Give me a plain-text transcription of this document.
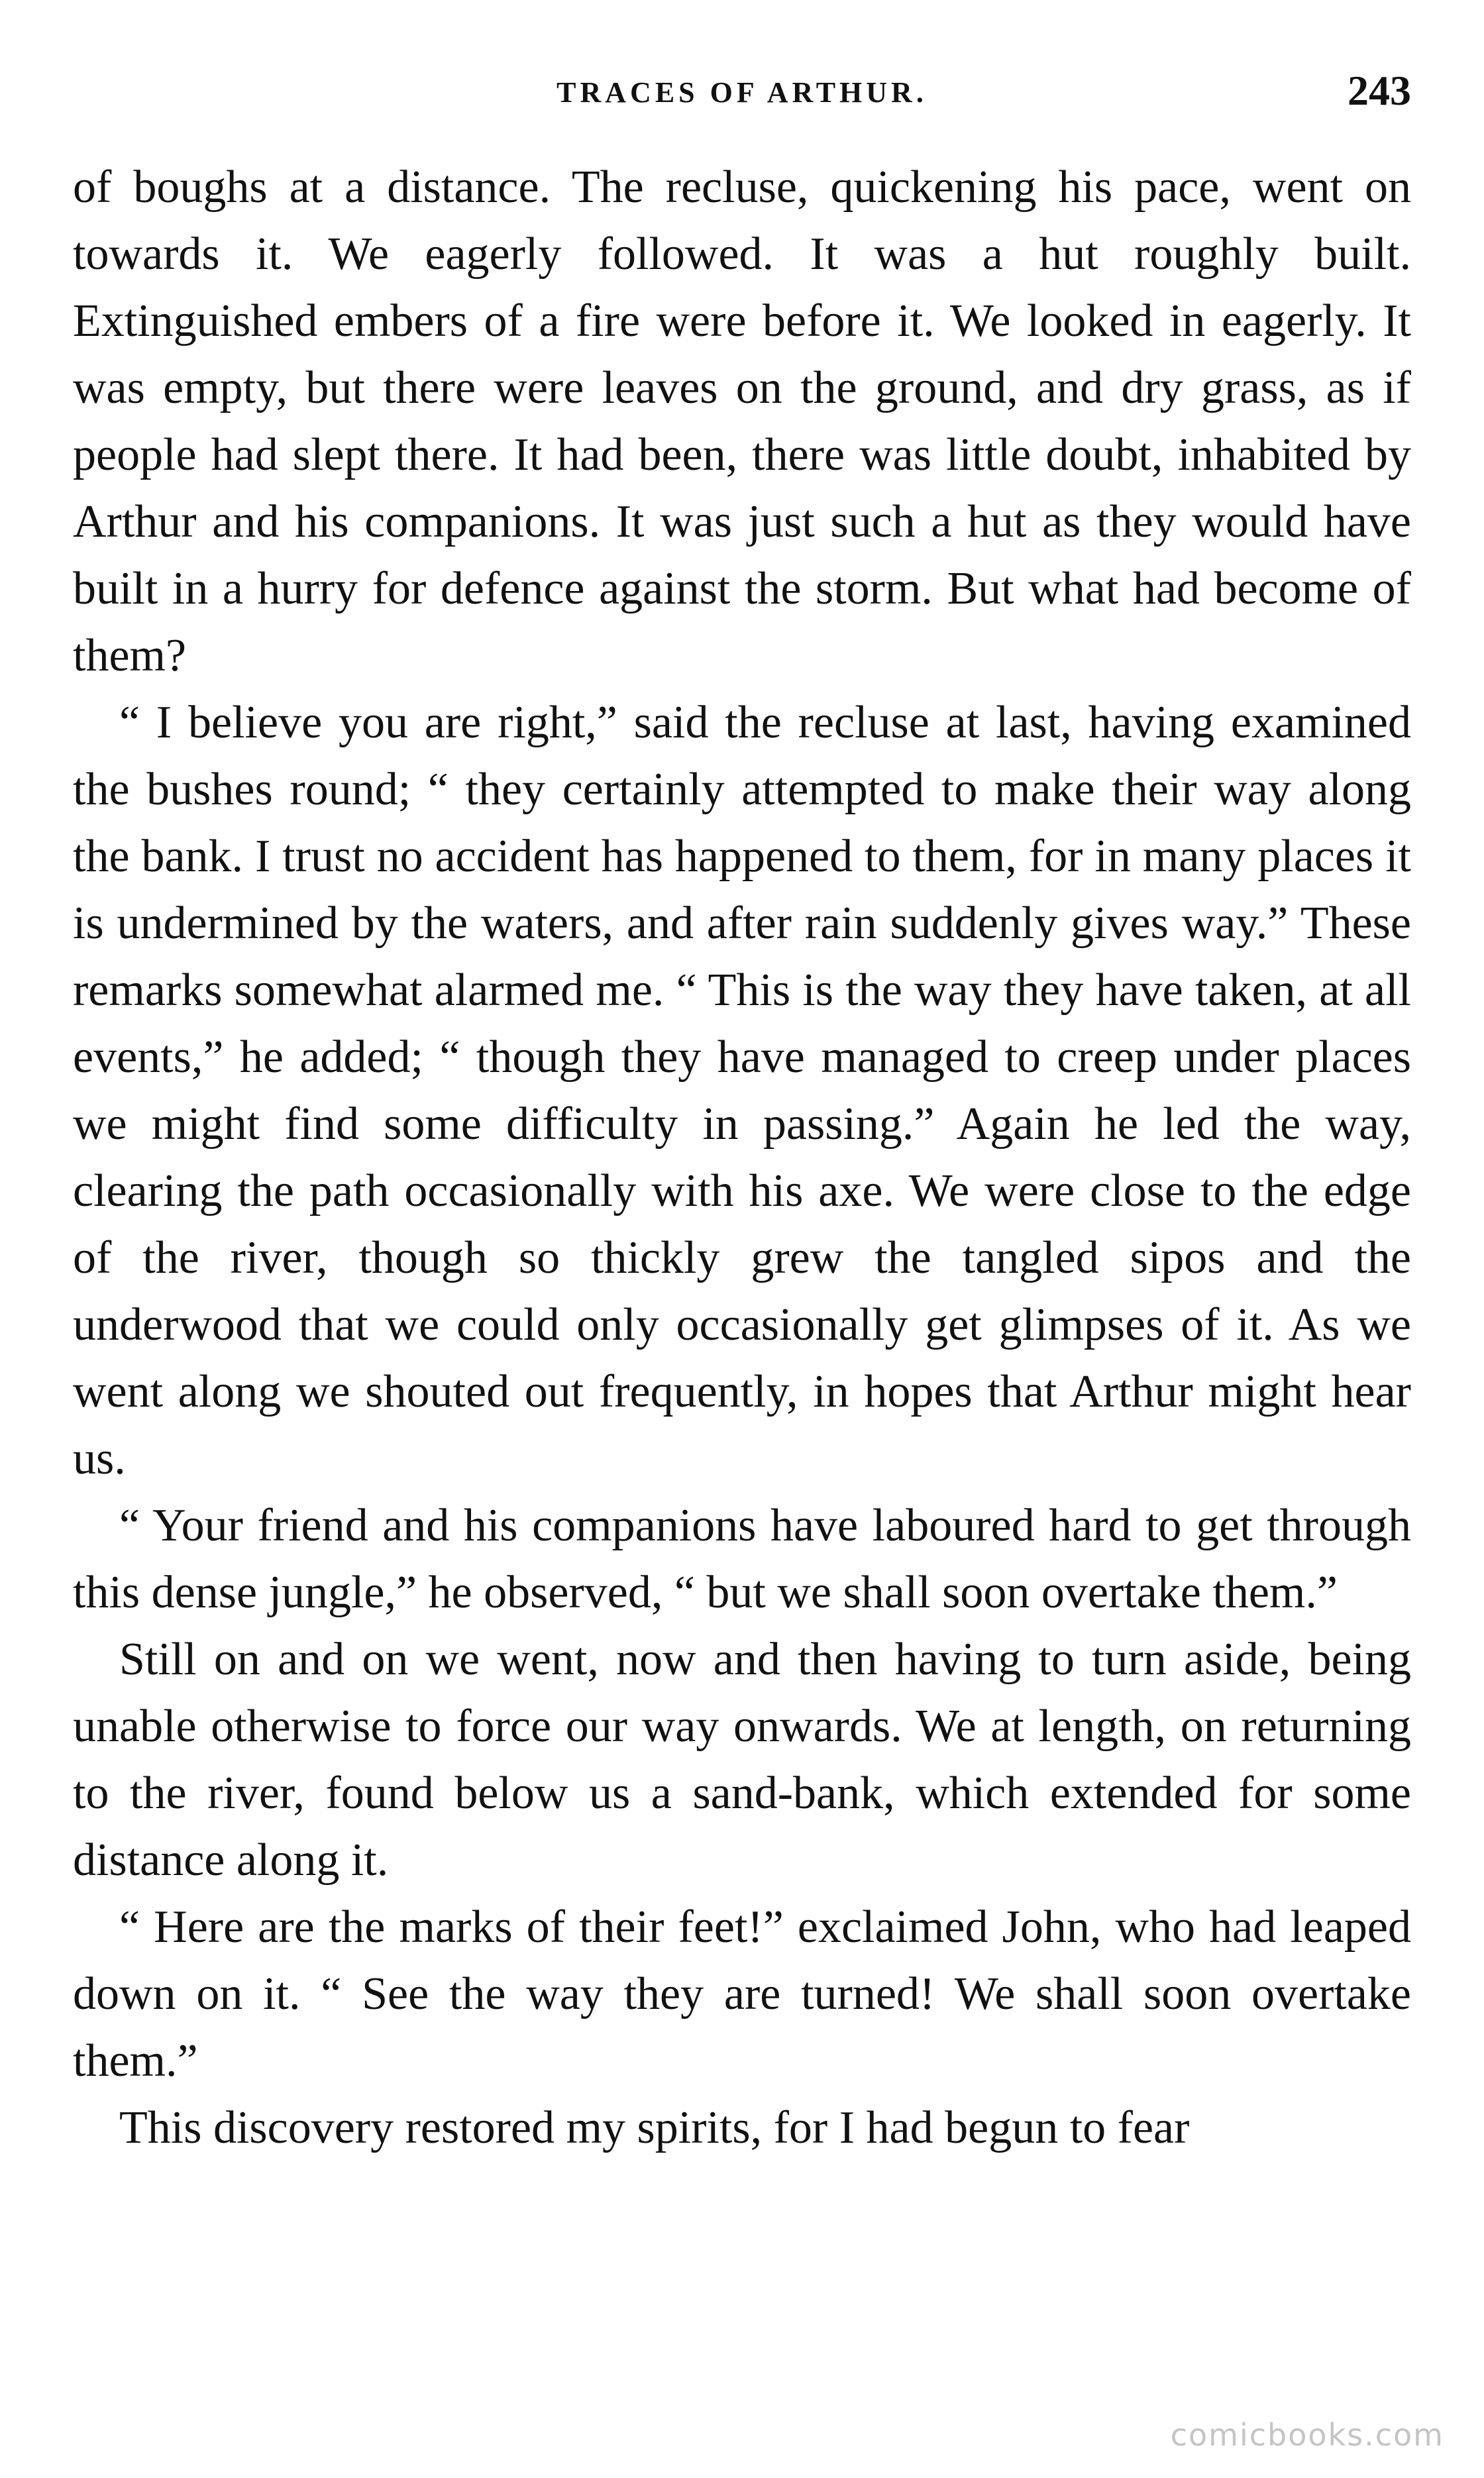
TRACES OF ARTHUR.	243

of boughs at a distance. The recluse, quickening his pace, went on towards it. We eagerly followed. It was a hut roughly built. Extinguished embers of a fire were before it. We looked in eagerly. It was empty, but there were leaves on the ground, and dry grass, as if people had slept there. It had been, there was little doubt, inhabited by Arthur and his companions. It was just such a hut as they would have built in a hurry for defence against the storm. But what had become of them?

“ I believe you are right,” said the recluse at last, having examined the bushes round; “ they certainly attempted to make their way along the bank. I trust no accident has happened to them, for in many places it is undermined by the waters, and after rain suddenly gives way.” These remarks somewhat alarmed me. “ This is the way they have taken, at all events,” he added; “ though they have managed to creep under places we might find some difficulty in passing.” Again he led the way, clearing the path occasionally with his axe. We were close to the edge of the river, though so thickly grew the tangled sipos and the underwood that we could only occasionally get glimpses of it. As we went along we shouted out frequently, in hopes that Arthur might hear us.

“ Your friend and his companions have laboured hard to get through this dense jungle,” he observed, “ but we shall soon overtake them.”

Still on and on we went, now and then having to turn aside, being unable otherwise to force our way onwards. We at length, on returning to the river, found below us a sand-bank, which extended for some distance along it.

“ Here are the marks of their feet!” exclaimed John, who had leaped down on it. “ See the way they are turned! We shall soon overtake them.”

This discovery restored my spirits, for I had begun to fear

comicbooks.com
